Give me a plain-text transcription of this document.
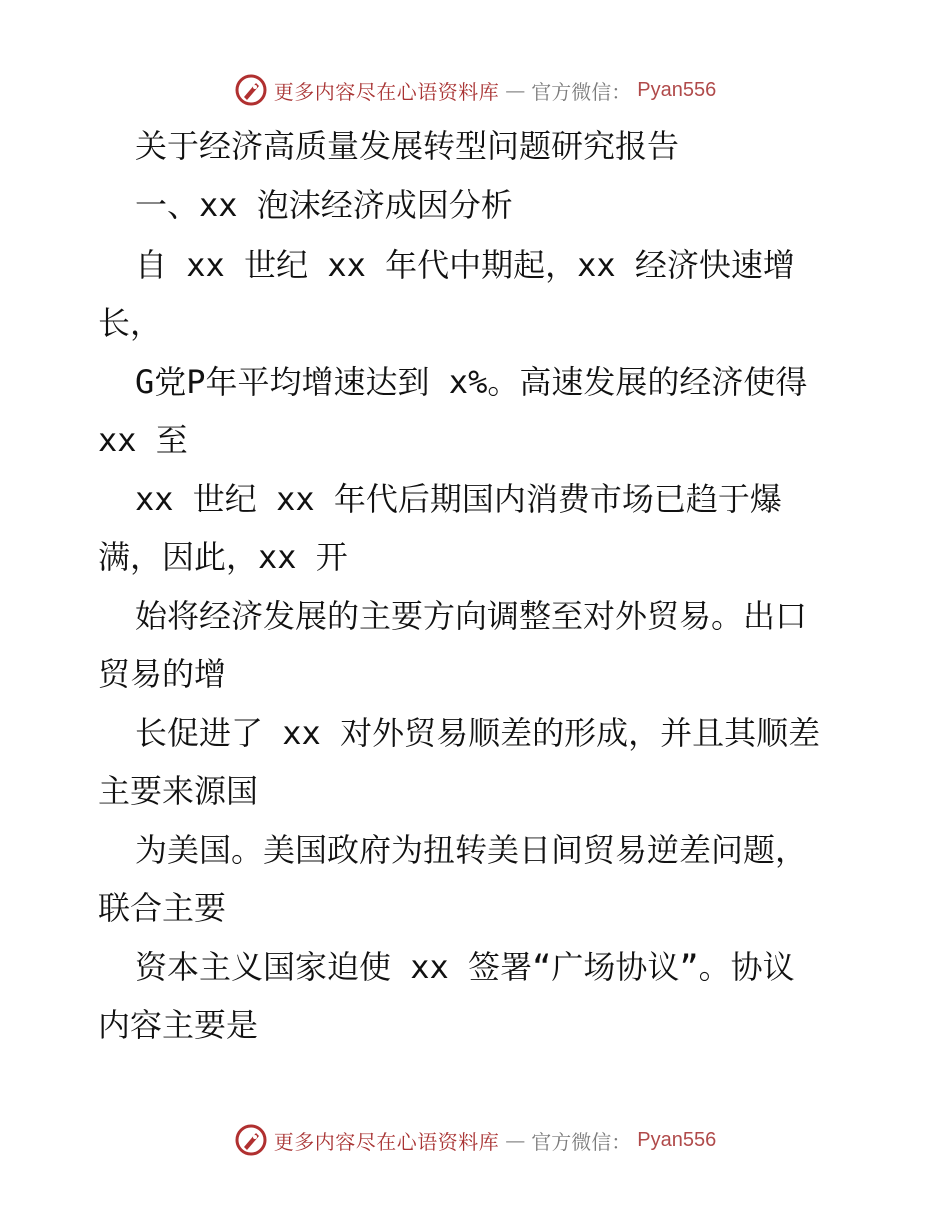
更多内容尽在心语资料库 — 官方微信： Pyan556
关于经济高质量发展转型问题研究报告
一、xx 泡沫经济成因分析
自 xx 世纪 xx 年代中期起，xx 经济快速增
长，
G党P年平均增速达到 x%。高速发展的经济使得
xx 至
xx 世纪 xx 年代后期国内消费市场已趋于爆
满，因此，xx 开
始将经济发展的主要方向调整至对外贸易。出口
贸易的增
长促进了 xx 对外贸易顺差的形成，并且其顺差
主要来源国
为美国。美国政府为扭转美日间贸易逆差问题，
联合主要
资本主义国家迫使 xx 签署“广场协议”。协议
内容主要是
更多内容尽在心语资料库 — 官方微信： Pyan556
